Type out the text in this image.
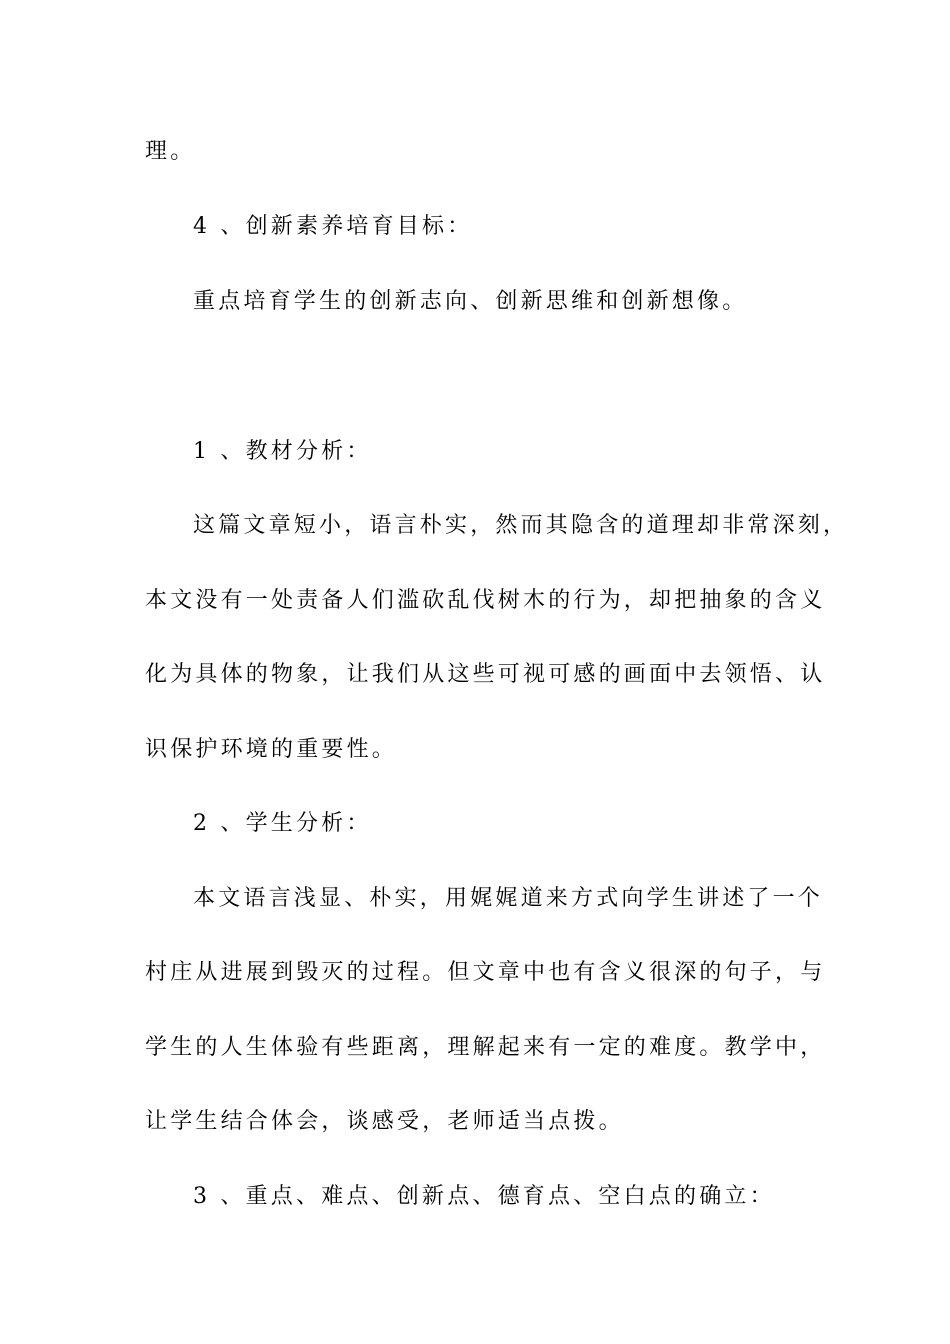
理。
4 、创新素养培育目标：
重点培育学生的创新志向、创新思维和创新想像。
1 、教材分析：
这篇文章短小，语言朴实，然而其隐含的道理却非常深刻，
本文没有一处责备人们滥砍乱伐树木的行为，却把抽象的含义
化为具体的物象，让我们从这些可视可感的画面中去领悟、认
识保护环境的重要性。
2 、学生分析：
本文语言浅显、朴实，用娓娓道来方式向学生讲述了一个
村庄从进展到毁灭的过程。但文章中也有含义很深的句子，与
学生的人生体验有些距离，理解起来有一定的难度。教学中，
让学生结合体会，谈感受，老师适当点拨。
3 、重点、难点、创新点、德育点、空白点的确立：
